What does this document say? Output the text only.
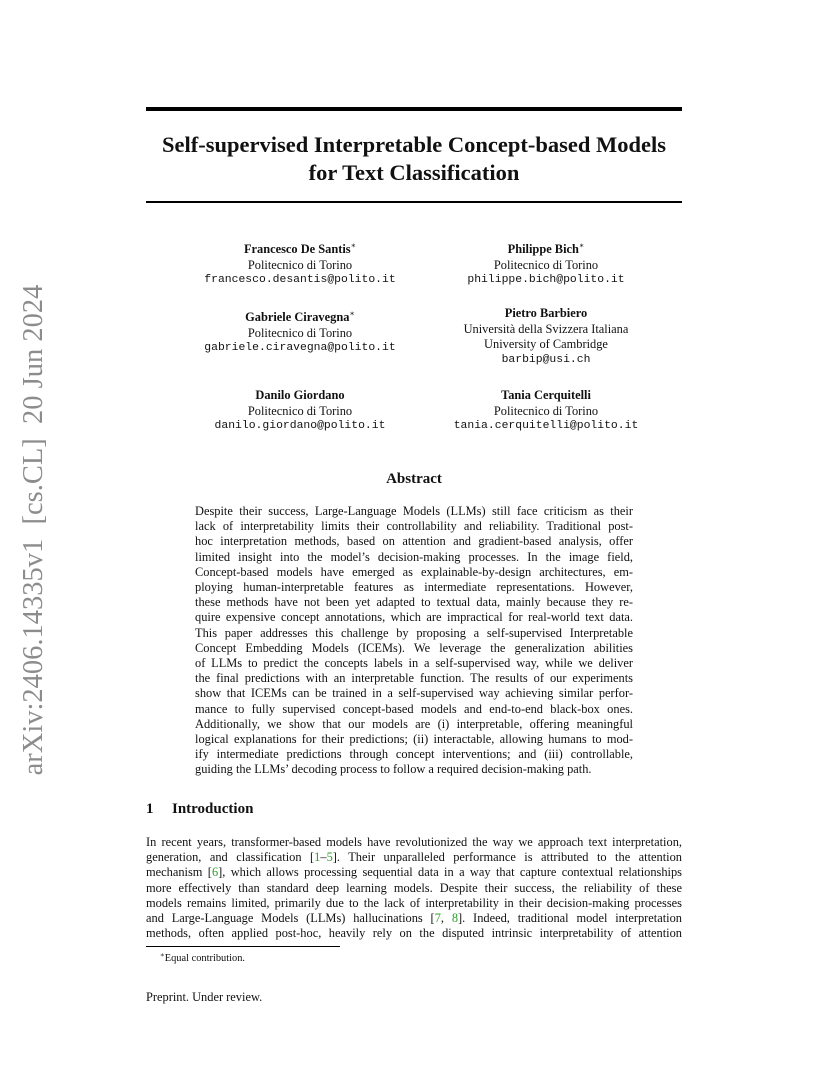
arXiv:2406.14335v1  [cs.CL]  20 Jun 2024
Self-supervised Interpretable Concept-based Models
for Text Classification
Francesco De Santis∗
Politecnico di Torino
francesco.desantis@polito.it
Philippe Bich∗
Politecnico di Torino
philippe.bich@polito.it
Gabriele Ciravegna∗
Politecnico di Torino
gabriele.ciravegna@polito.it
Pietro Barbiero
Università della Svizzera Italiana
University of Cambridge
barbip@usi.ch
Danilo Giordano
Politecnico di Torino
danilo.giordano@polito.it
Tania Cerquitelli
Politecnico di Torino
tania.cerquitelli@polito.it
Abstract
Despite their success, Large-Language Models (LLMs) still face criticism as their
lack of interpretability limits their controllability and reliability. Traditional post-
hoc interpretation methods, based on attention and gradient-based analysis, offer
limited insight into the model’s decision-making processes. In the image field,
Concept-based models have emerged as explainable-by-design architectures, em-
ploying human-interpretable features as intermediate representations. However,
these methods have not been yet adapted to textual data, mainly because they re-
quire expensive concept annotations, which are impractical for real-world text data.
This paper addresses this challenge by proposing a self-supervised Interpretable
Concept Embedding Models (ICEMs). We leverage the generalization abilities
of LLMs to predict the concepts labels in a self-supervised way, while we deliver
the final predictions with an interpretable function. The results of our experiments
show that ICEMs can be trained in a self-supervised way achieving similar perfor-
mance to fully supervised concept-based models and end-to-end black-box ones.
Additionally, we show that our models are (i) interpretable, offering meaningful
logical explanations for their predictions; (ii) interactable, allowing humans to mod-
ify intermediate predictions through concept interventions; and (iii) controllable,
guiding the LLMs’ decoding process to follow a required decision-making path.
1 Introduction
In recent years, transformer-based models have revolutionized the way we approach text interpretation,
generation, and classification [1–5]. Their unparalleled performance is attributed to the attention
mechanism [6], which allows processing sequential data in a way that capture contextual relationships
more effectively than standard deep learning models. Despite their success, the reliability of these
models remains limited, primarily due to the lack of interpretability in their decision-making processes
and Large-Language Models (LLMs) hallucinations [7, 8]. Indeed, traditional model interpretation
methods, often applied post-hoc, heavily rely on the disputed intrinsic interpretability of attention
∗Equal contribution.
Preprint. Under review.
